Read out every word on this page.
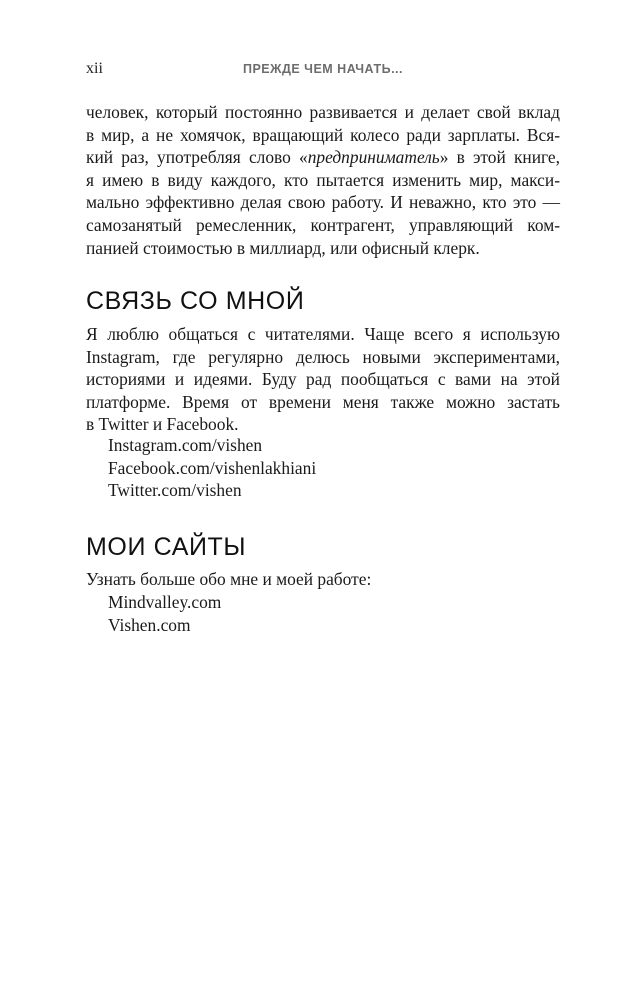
xii	ПРЕЖДЕ ЧЕМ НАЧАТЬ...
человек, который постоянно развивается и делает свой вклад
в мир, а не хомячок, вращающий колесо ради зарплаты. Вся-
кий раз, употребляя слово «предприниматель» в этой книге,
я имею в виду каждого, кто пытается изменить мир, макси-
мально эффективно делая свою работу. И неважно, кто это —
самозанятый ремесленник, контрагент, управляющий ком-
панией стоимостью в миллиард, или офисный клерк.
СВЯЗЬ СО МНОЙ
Я люблю общаться с читателями. Чаще всего я использую
Instagram, где регулярно делюсь новыми экспериментами,
историями и идеями. Буду рад пообщаться с вами на этой
платформе. Время от времени меня также можно застать
в Twitter и Facebook.
Instagram.com/vishen
Facebook.com/vishenlakhiani
Twitter.com/vishen
МОИ САЙТЫ
Узнать больше обо мне и моей работе:
Mindvalley.com
Vishen.com
